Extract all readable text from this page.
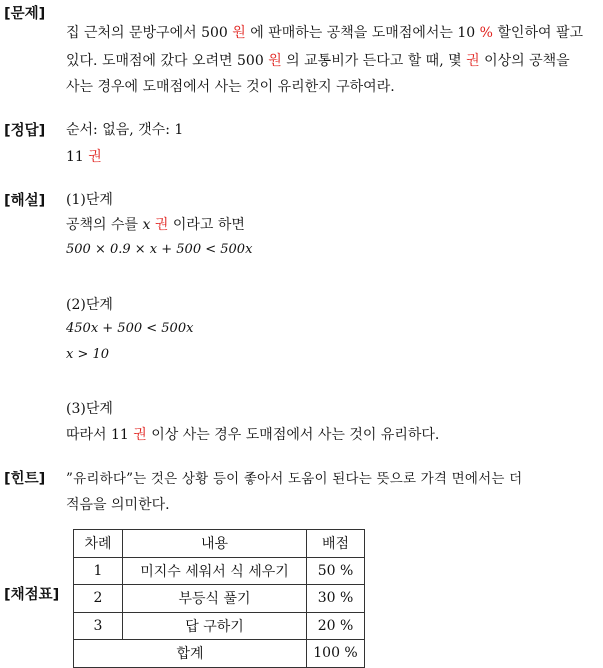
[문제]
[정답]
[해설]
[힌트]
[채점표]
집 근처의 문방구에서 500 원 에 판매하는 공책을 도매점에서는 10 % 할인하여 팔고
있다. 도매점에 갔다 오려면 500 원 의 교통비가 든다고 할 때, 몇 권 이상의 공책을
사는 경우에 도매점에서 사는 것이 유리한지 구하여라.
순서: 없음, 갯수: 1
11 권
(1)단계
공책의 수를 x 권 이라고 하면
500 × 0.9 × x + 500 < 500x
(2)단계
450x + 500 < 500x
x > 10
(3)단계
따라서 11 권 이상 사는 경우 도매점에서 사는 것이 유리하다.
”유리하다”는 것은 상황 등이 좋아서 도움이 된다는 뜻으로 가격 면에서는 더
적음을 의미한다.
차례	내용	배점
1	미지수 세워서 식 세우기	50 %
2	부등식 풀기	30 %
3	답 구하기	20 %
합계		100 %
